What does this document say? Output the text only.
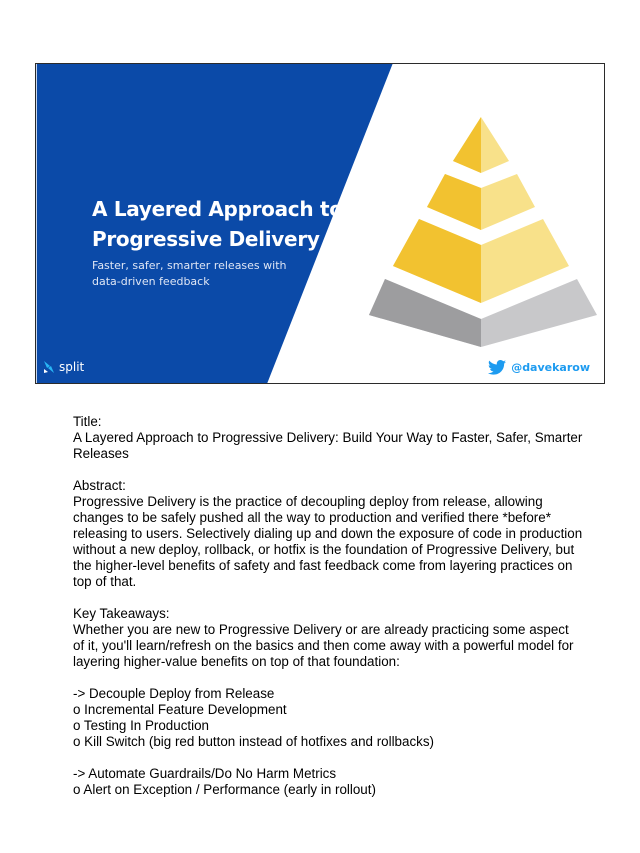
A Layered Approach to
Progressive Delivery

Faster, safer, smarter releases with
data-driven feedback

split	@davekarow

Title:

A Layered Approach to Progressive Delivery: Build Your Way to Faster, Safer, Smarter

Releases

Abstract:

Progressive Delivery is the practice of decoupling deploy from release, allowing

changes to be safely pushed all the way to production and verified there *before*

releasing to users. Selectively dialing up and down the exposure of code in production

without a new deploy, rollback, or hotfix is the foundation of Progressive Delivery, but

the higher-level benefits of safety and fast feedback come from layering practices on

top of that.

Key Takeaways:

Whether you are new to Progressive Delivery or are already practicing some aspect

of it, you'll learn/refresh on the basics and then come away with a powerful model for

layering higher-value benefits on top of that foundation:

-> Decouple Deploy from Release

o Incremental Feature Development

o Testing In Production

o Kill Switch (big red button instead of hotfixes and rollbacks)

-> Automate Guardrails/Do No Harm Metrics

o Alert on Exception / Performance (early in rollout)
